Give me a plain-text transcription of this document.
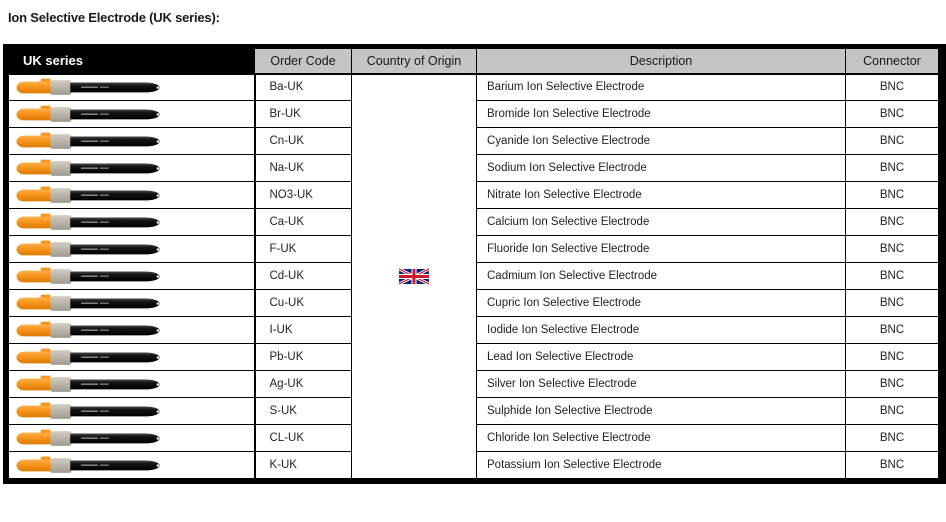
Ion Selective Electrode (UK series):
UK series	Order Code	Country of Origin	Description	Connector

	Ba-UK		Barium Ion Selective Electrode	BNC

	Br-UK		Bromide Ion Selective Electrode	BNC

	Cn-UK		Cyanide Ion Selective Electrode	BNC

	Na-UK		Sodium Ion Selective Electrode	BNC

	NO3-UK		Nitrate Ion Selective Electrode	BNC

	Ca-UK		Calcium Ion Selective Electrode	BNC

	F-UK		Fluoride Ion Selective Electrode	BNC

	Cd-UK		Cadmium Ion Selective Electrode	BNC

	Cu-UK		Cupric Ion Selective Electrode	BNC

	I-UK		Iodide Ion Selective Electrode	BNC

	Pb-UK		Lead Ion Selective Electrode	BNC

	Ag-UK		Silver Ion Selective Electrode	BNC

	S-UK		Sulphide Ion Selective Electrode	BNC

	CL-UK		Chloride Ion Selective Electrode	BNC

	K-UK		Potassium Ion Selective Electrode	BNC
